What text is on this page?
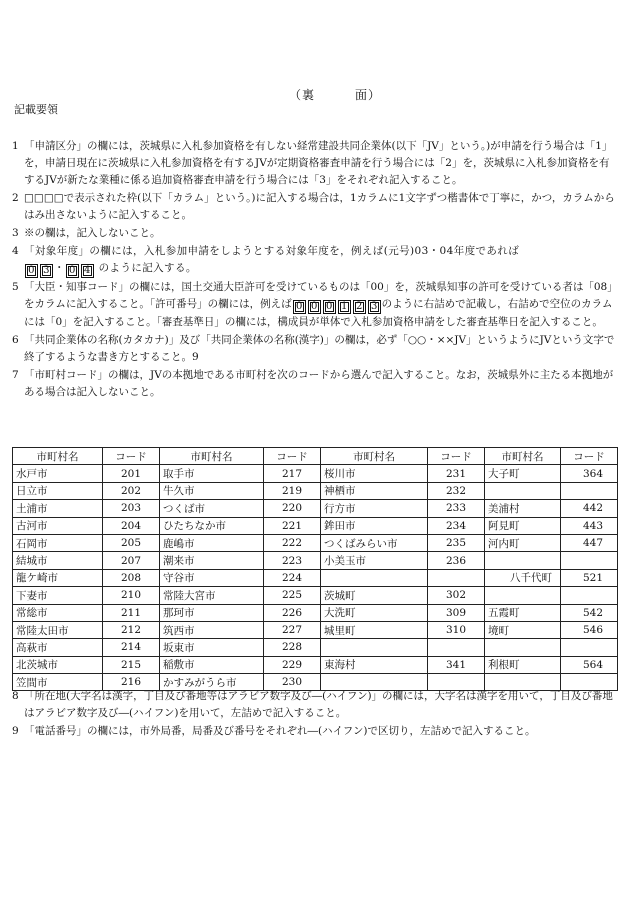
（裏	面）
記載要領
1 「申請区分」の欄には，茨城県に入札参加資格を有しない経常建設共同企業体(以下「JV」という。)が申請を行う場合は「1」を，申請日現在に茨城県に入札参加資格を有するJVが定期資格審査申請を行う場合には「2」を，茨城県に入札参加資格を有するJVが新たな業種に係る追加資格審査申請を行う場合には「3」をそれぞれ記入すること。
2 □□□□で表示された枠(以下「カラム」という。)に記入する場合は，1カラムに1文字ずつ楷書体で丁寧に，かつ，カラムからはみ出さないように記入すること。
3 ※の欄は，記入しないこと。
4 「対象年度」の欄には，入札参加申請をしようとする対象年度を，例えば(元号)03・04年度であれば
0 3 ・ 0 4 のように記入する。
5 「大臣・知事コード」の欄には，国土交通大臣許可を受けているものは「00」を，茨城県知事の許可を受けている者は「08」をカラムに記入すること。「許可番号」の欄には，例えば 0 0 0 1 2 3 のように右詰めで記載し，右詰めで空位のカラムには「0」を記入すること。「審査基準日」の欄には，構成員が単体で入札参加資格申請をした審査基準日を記入すること。
6 「共同企業体の名称(カタカナ)」及び「共同企業体の名称(漢字)」の欄は，必ず「○○・××JV」というようにJVという文字で終了するような書き方とすること。9
7 「市町村コード」の欄は，JVの本拠地である市町村を次のコードから選んで記入すること。なお，茨城県外に主たる本拠地がある場合は記入しないこと。
市町村名	コード	市町村名	コード	市町村名	コード	市町村名	コード
水戸市	201	取手市	217	桜川市	231	大子町	364
日立市	202	牛久市	219	神栖市	232		
土浦市	203	つくば市	220	行方市	233	美浦村	442
古河市	204	ひたちなか市	221	鉾田市	234	阿見町	443
石岡市	205	鹿嶋市	222	つくばみらい市	235	河内町	447
結城市	207	潮来市	223	小美玉市	236		
龍ケ崎市	208	守谷市	224			八千代町	521
下妻市	210	常陸大宮市	225	茨城町	302		
常総市	211	那珂市	226	大洗町	309	五霞町	542
常陸太田市	212	筑西市	227	城里町	310	境町	546
高萩市	214	坂東市	228				
北茨城市	215	稲敷市	229	東海村	341	利根町	564
笠間市	216	かすみがうら市	230				
8 「所在地(大字名は漢字，丁目及び番地等はアラビア数字及び―(ハイフン)」の欄には，大字名は漢字を用いて，丁目及び番地はアラビア数字及び―(ハイフン)を用いて，左詰めで記入すること。
9 「電話番号」の欄には，市外局番，局番及び番号をそれぞれ―(ハイフン)で区切り，左詰めで記入すること。
